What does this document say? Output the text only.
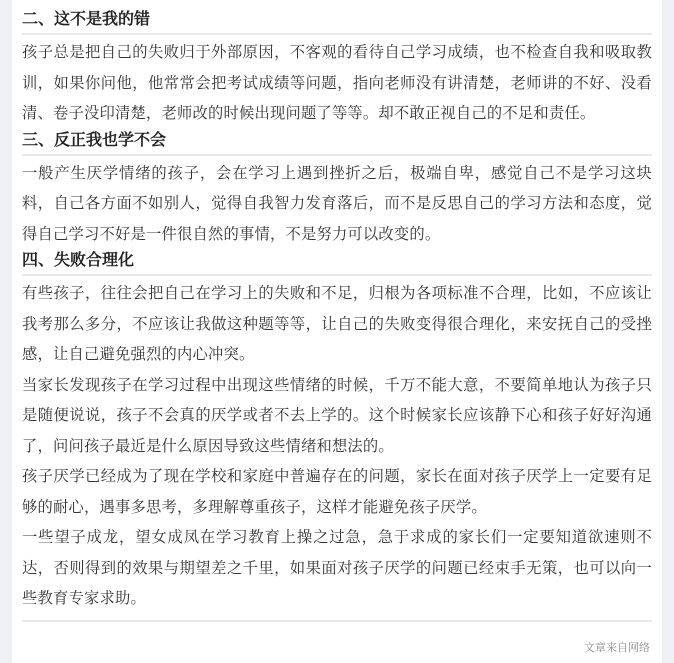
二、这不是我的错

孩子总是把自己的失败归于外部原因，不客观的看待自己学习成绩，也不检查自我和吸取教训，如果你问他，他常常会把考试成绩等问题，指向老师没有讲清楚，老师讲的不好、没看清、卷子没印清楚，老师改的时候出现问题了等等。却不敢正视自己的不足和责任。

三、反正我也学不会

一般产生厌学情绪的孩子，会在学习上遇到挫折之后，极端自卑，感觉自己不是学习这块料，自己各方面不如别人，觉得自我智力发育落后，而不是反思自己的学习方法和态度，觉得自己学习不好是一件很自然的事情，不是努力可以改变的。

四、失败合理化

有些孩子，往往会把自己在学习上的失败和不足，归根为各项标准不合理，比如，不应该让我考那么多分，不应该让我做这种题等等，让自己的失败变得很合理化，来安抚自己的受挫感，让自己避免强烈的内心冲突。

当家长发现孩子在学习过程中出现这些情绪的时候，千万不能大意，不要简单地认为孩子只是随便说说，孩子不会真的厌学或者不去上学的。这个时候家长应该静下心和孩子好好沟通了，问问孩子最近是什么原因导致这些情绪和想法的。

孩子厌学已经成为了现在学校和家庭中普遍存在的问题，家长在面对孩子厌学上一定要有足够的耐心，遇事多思考，多理解尊重孩子，这样才能避免孩子厌学。

一些望子成龙，望女成凤在学习教育上操之过急，急于求成的家长们一定要知道欲速则不达，否则得到的效果与期望差之千里，如果面对孩子厌学的问题已经束手无策，也可以向一些教育专家求助。

文章来自网络
